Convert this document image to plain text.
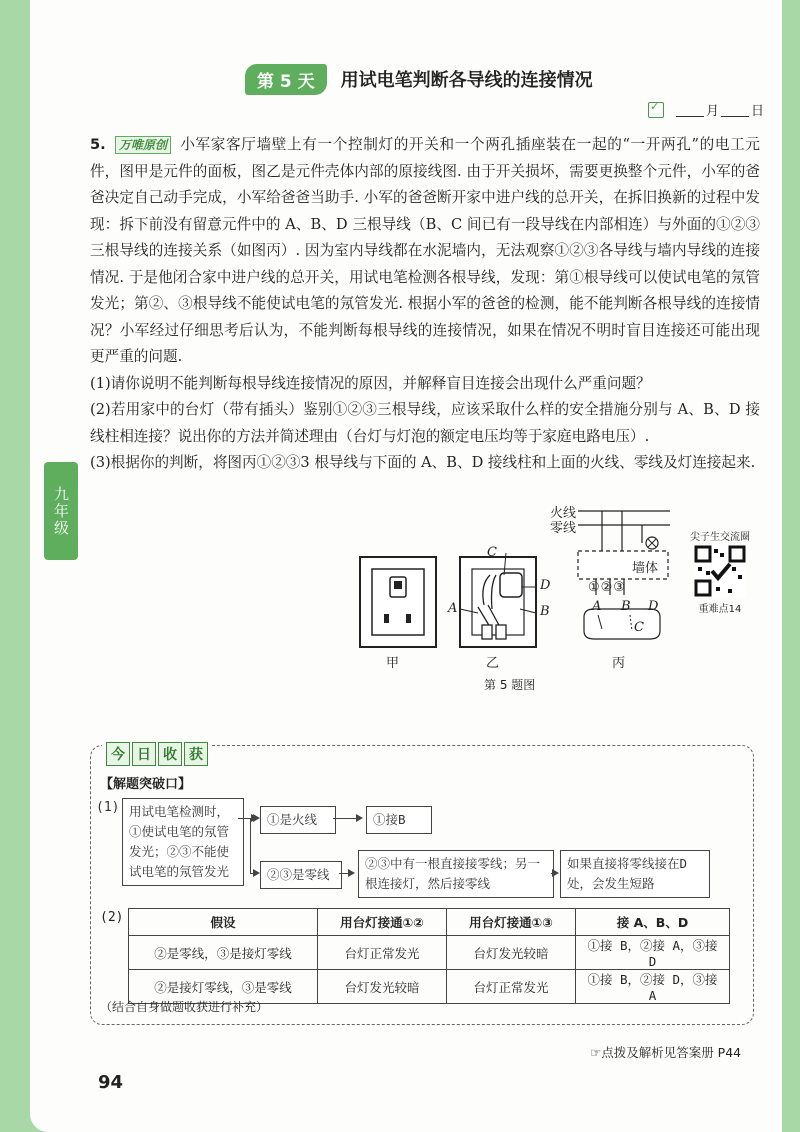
九年级
第 5 天	用试电笔判断各导线的连接情况
✓
月 日
5. 万唯原创 小军家客厅墙壁上有一个控制灯的开关和一个两孔插座装在一起的“一开两孔”的电工元件，图甲是元件的面板，图乙是元件壳体内部的原接线图. 由于开关损坏，需要更换整个元件，小军的爸爸决定自己动手完成，小军给爸爸当助手. 小军的爸爸断开家中进户线的总开关，在拆旧换新的过程中发现：拆下前没有留意元件中的 A、B、D 三根导线（B、C 间已有一段导线在内部相连）与外面的①②③三根导线的连接关系（如图丙）. 因为室内导线都在水泥墙内，无法观察①②③各导线与墙内导线的连接情况. 于是他闭合家中进户线的总开关，用试电笔检测各根导线，发现：第①根导线可以使试电笔的氖管发光；第②、③根导线不能使试电笔的氖管发光. 根据小军的爸爸的检测，能不能判断各根导线的连接情况？小军经过仔细思考后认为，不能判断每根导线的连接情况，如果在情况不明时盲目连接还可能出现更严重的问题.
(1)请你说明不能判断每根导线连接情况的原因，并解释盲目连接会出现什么严重问题？
(2)若用家中的台灯（带有插头）鉴别①②③三根导线，应该采取什么样的安全措施分别与 A、B、D 接线柱相连接？说出你的方法并简述理由（台灯与灯泡的额定电压均等于家庭电路电压）.
(3)根据你的判断，将图丙①②③3 根导线与下面的 A、B、D 接线柱和上面的火线、零线及灯连接起来.
C
D
A	B
火线
零线
墙体
①②③
A B D
C
甲	乙	丙
第 5 题图
尖子生交流圈
重难点14
今 日 收 获
【解题突破口】
(1) 用试电笔检测时，①使试电笔的氖管发光；②③不能使试电笔的氖管发光
①是火线	①接B
②③是零线
②③中有一根直接接零线；另一根连接灯，然后接零线
如果直接将零线接在D处，会发生短路
(2)	假设	用台灯接通①②	用台灯接通①③	接 A、B、D
②是零线，③是接灯零线	台灯正常发光	台灯发光较暗	①接 B，②接 A，③接 D
②是接灯零线，③是零线	台灯发光较暗	台灯正常发光	①接 B，②接 D，③接 A
（结合自身做题收获进行补充）
☞点拨及解析见答案册 P44
94
